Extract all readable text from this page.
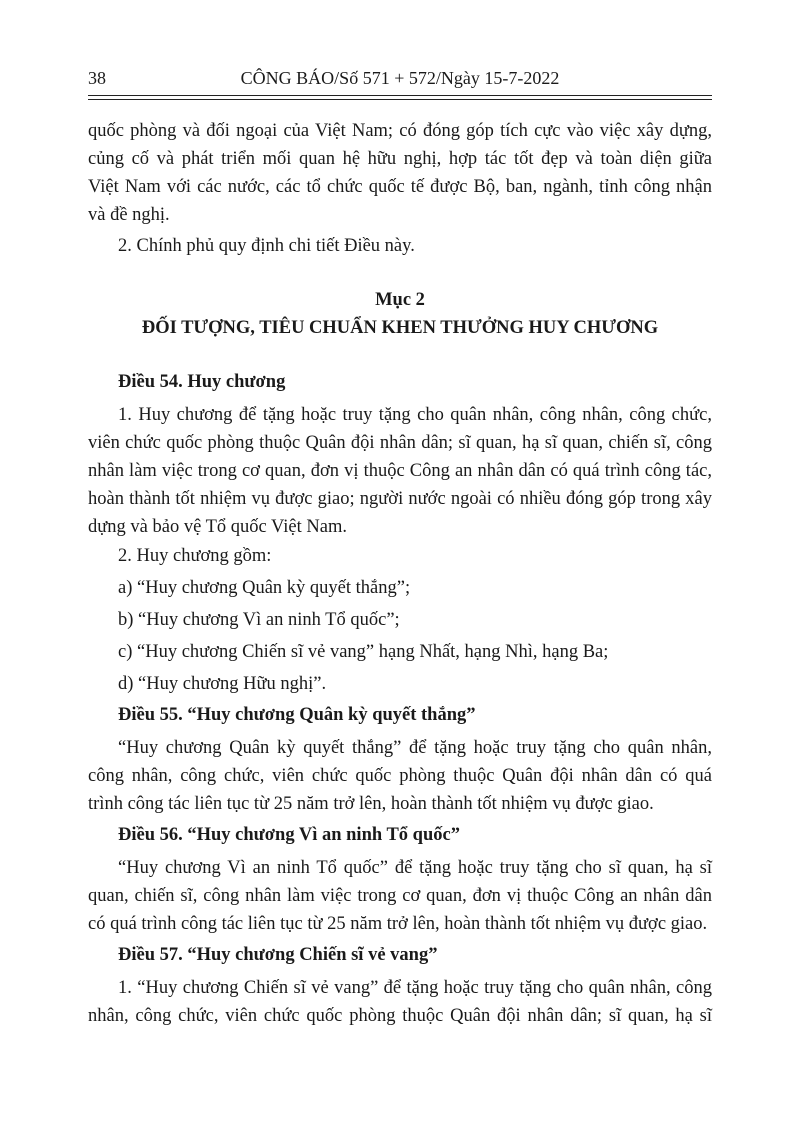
38	CÔNG BÁO/Số 571 + 572/Ngày 15-7-2022
quốc phòng và đối ngoại của Việt Nam; có đóng góp tích cực vào việc xây dựng,
củng cố và phát triển mối quan hệ hữu nghị, hợp tác tốt đẹp và toàn diện giữa
Việt Nam với các nước, các tổ chức quốc tế được Bộ, ban, ngành, tỉnh công nhận
và đề nghị.
2. Chính phủ quy định chi tiết Điều này.
Mục 2
ĐỐI TƯỢNG, TIÊU CHUẨN KHEN THƯỞNG HUY CHƯƠNG
Điều 54. Huy chương
1. Huy chương để tặng hoặc truy tặng cho quân nhân, công nhân, công chức,
viên chức quốc phòng thuộc Quân đội nhân dân; sĩ quan, hạ sĩ quan, chiến sĩ, công
nhân làm việc trong cơ quan, đơn vị thuộc Công an nhân dân có quá trình công tác,
hoàn thành tốt nhiệm vụ được giao; người nước ngoài có nhiều đóng góp trong xây
dựng và bảo vệ Tổ quốc Việt Nam.
2. Huy chương gồm:
a) “Huy chương Quân kỳ quyết thắng”;
b) “Huy chương Vì an ninh Tổ quốc”;
c) “Huy chương Chiến sĩ vẻ vang” hạng Nhất, hạng Nhì, hạng Ba;
d) “Huy chương Hữu nghị”.
Điều 55. “Huy chương Quân kỳ quyết thắng”
“Huy chương Quân kỳ quyết thắng” để tặng hoặc truy tặng cho quân nhân,
công nhân, công chức, viên chức quốc phòng thuộc Quân đội nhân dân có quá
trình công tác liên tục từ 25 năm trở lên, hoàn thành tốt nhiệm vụ được giao.
Điều 56. “Huy chương Vì an ninh Tổ quốc”
“Huy chương Vì an ninh Tổ quốc” để tặng hoặc truy tặng cho sĩ quan, hạ sĩ
quan, chiến sĩ, công nhân làm việc trong cơ quan, đơn vị thuộc Công an nhân dân
có quá trình công tác liên tục từ 25 năm trở lên, hoàn thành tốt nhiệm vụ được giao.
Điều 57. “Huy chương Chiến sĩ vẻ vang”
1. “Huy chương Chiến sĩ vẻ vang” để tặng hoặc truy tặng cho quân nhân, công
nhân, công chức, viên chức quốc phòng thuộc Quân đội nhân dân; sĩ quan, hạ sĩ
